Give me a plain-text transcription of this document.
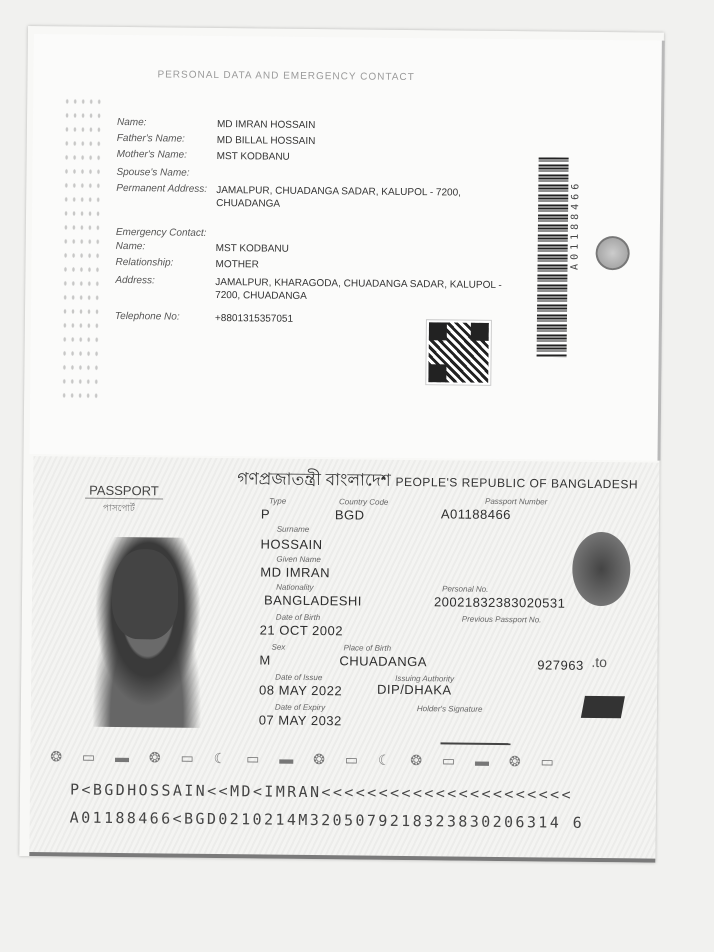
PERSONAL DATA AND EMERGENCY CONTACT
Name:	MD IMRAN HOSSAIN
Father's Name:	MD BILLAL HOSSAIN
Mother's Name:	MST KODBANU
Spouse's Name:
Permanent Address: JAMALPUR, CHUADANGA SADAR, KALUPOL - 7200, CHUADANGA
Emergency Contact:
Name:	MST KODBANU
Relationship:	MOTHER
Address:	JAMALPUR, KHARAGODA, CHUADANGA SADAR, KALUPOL - 7200, CHUADANGA
Telephone No:	+8801315357051
A01188466
গণপ্রজাতন্ত্রী বাংলাদেশ PEOPLE'S REPUBLIC OF BANGLADESH
PASSPORT
পাসপোর্ট
Type	Country Code	Passport Number
P	BGD	A01188466
Surname
HOSSAIN
Given Name
MD IMRAN
Nationality	Personal No.
BANGLADESHI	20021832383020531
Date of Birth	Previous Passport No.
21 OCT 2002
Sex	Place of Birth
M	CHUADANGA	927963
Date of Issue	Issuing Authority
08 MAY 2022	DIP/DHAKA
Date of Expiry	Holder's Signature
07 MAY 2032
.to
❂ ▭ ▬ ❂ ▭ ☾ ▭ ▬ ❂ ▭ ☾ ❂ ▭ ▬ ❂ ▭
P<BGDHOSSAIN<<MD<IMRAN<<<<<<<<<<<<<<<<<<<<<<
A01188466<BGD0210214M3205079218323830206314 6
